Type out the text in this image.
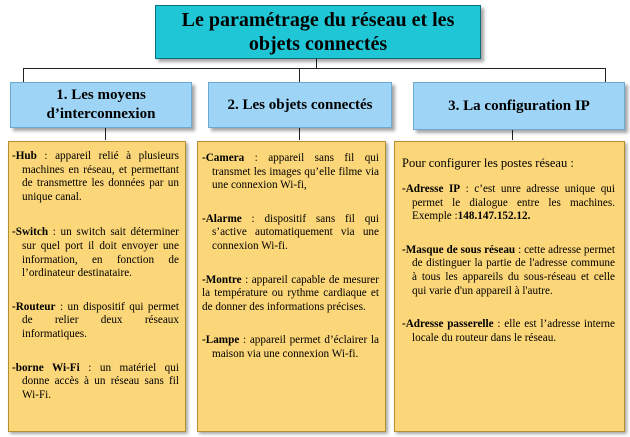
Le paramétrage du réseau et les objets connectés
1. Les moyens d’interconnexion
2. Les objets connectés	3. La configuration IP
-Hub : appareil relié à plusieurs machines en réseau, et permettant de transmettre les données par un unique canal.
-Switch : un switch sait déterminer sur quel port il doit envoyer une information, en fonction de l’ordinateur destinataire.
-Routeur : un dispositif qui permet de relier deux réseaux informatiques.
-borne Wi-Fi : un matériel qui donne accès à un réseau sans fil Wi-Fi.
-Camera : appareil sans fil qui transmet les images qu’elle filme via une connexion Wi-fi,
-Alarme : dispositif sans fil qui s’active automatiquement via une connexion Wi-fi.
-Montre : appareil capable de mesurer la température ou rythme cardiaque et de donner des informations précises.
-Lampe : appareil permet d’éclairer la maison via une connexion Wi-fi.
Pour configurer les postes réseau :
-Adresse IP : c’est unre adresse unique qui permet le dialogue entre les machines. Exemple :148.147.152.12.
-Masque de sous réseau : cette adresse permet de distinguer la partie de l'adresse commune à tous les appareils du sous-réseau et celle qui varie d'un appareil à l'autre.
-Adresse passerelle : elle est l’adresse interne locale du routeur dans le réseau.
